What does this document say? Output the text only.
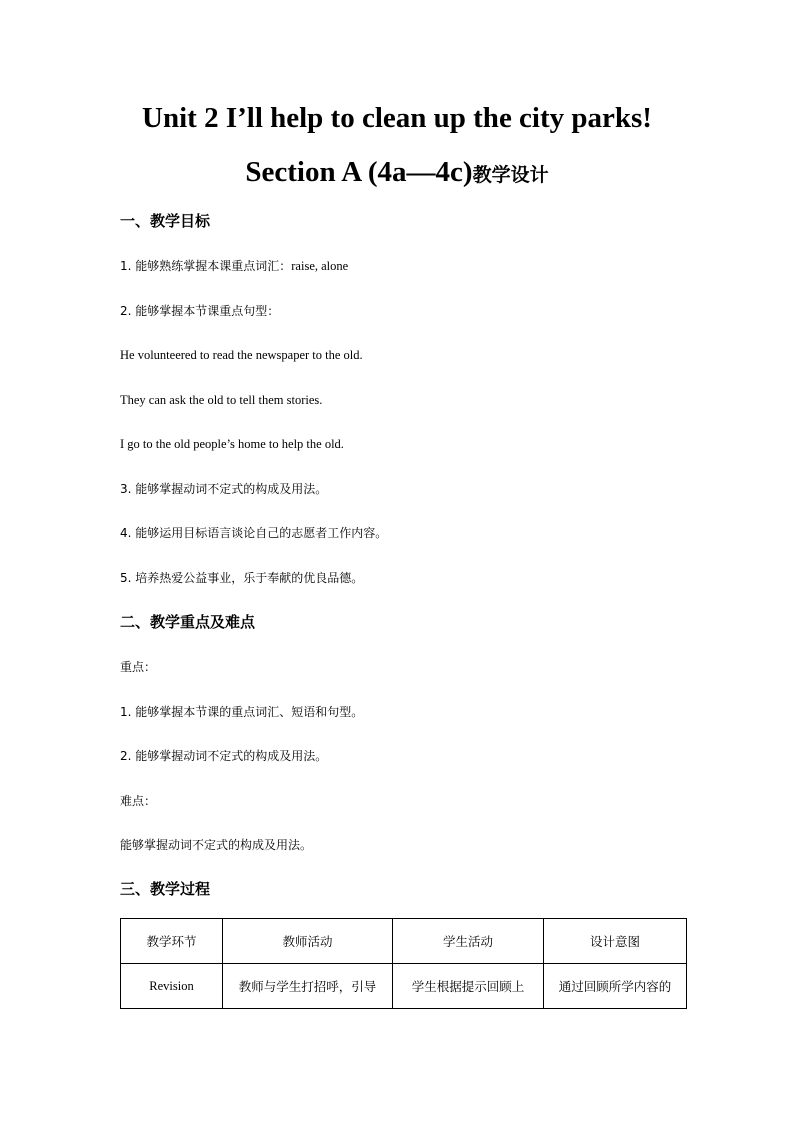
Unit 2 I’ll help to clean up the city parks!
Section A (4a—4c)教学设计
一、教学目标
1. 能够熟练掌握本课重点词汇：raise, alone
2. 能够掌握本节课重点句型：
He volunteered to read the newspaper to the old.
They can ask the old to tell them stories.
I go to the old people’s home to help the old.
3. 能够掌握动词不定式的构成及用法。
4. 能够运用目标语言谈论自己的志愿者工作内容。
5. 培养热爱公益事业，乐于奉献的优良品德。
二、教学重点及难点
重点：
1. 能够掌握本节课的重点词汇、短语和句型。
2. 能够掌握动词不定式的构成及用法。
难点：
能够掌握动词不定式的构成及用法。
三、教学过程
教学环节	教师活动	学生活动	设计意图
Revision	教师与学生打招呼，引导	学生根据提示回顾上	通过回顾所学内容的
